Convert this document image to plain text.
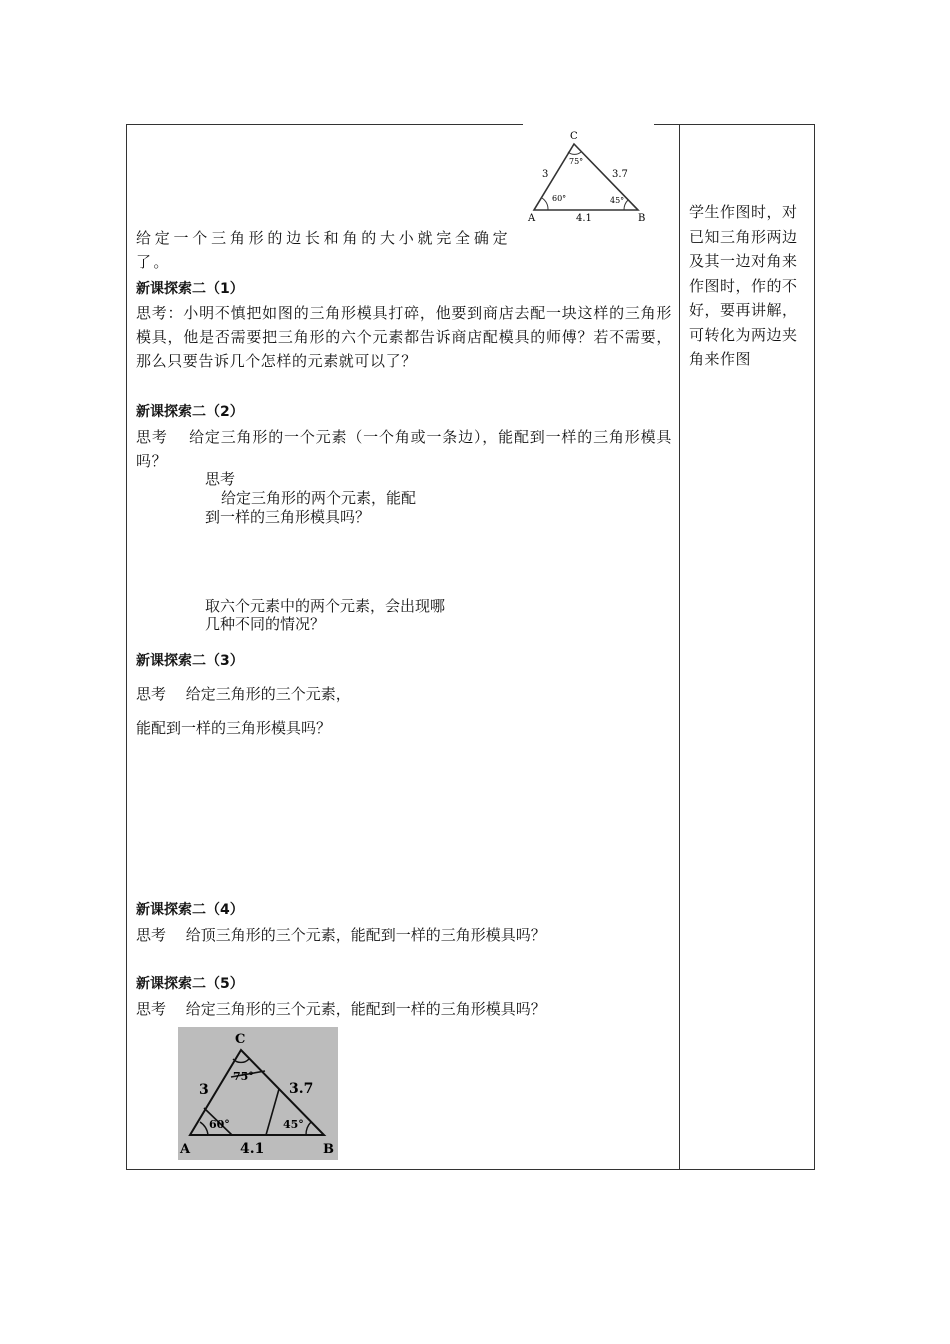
A	B
C
3	3.7
4.1
60°	45°
75°
给定一个三角形的边长和角的大小就完全确定了。
新课探索二（1）
思考：小明不慎把如图的三角形模具打碎，他要到商店去配一块这样的三角形模具，他是否需要把三角形的六个元素都告诉商店配模具的师傅？若不需要，那么只要告诉几个怎样的元素就可以了？
新课探索二（2）
思考　 给定三角形的一个元素（一个角或一条边），能配到一样的三角形模具吗？
思考
给定三角形的两个元素，能配
到一样的三角形模具吗？
取六个元素中的两个元素，会出现哪
几种不同的情况？
新课探索二（3）
思考　 给定三角形的三个元素，
能配到一样的三角形模具吗？
新课探索二（4）
思考　 给顶三角形的三个元素，能配到一样的三角形模具吗？
新课探索二（5）
思考　 给定三角形的三个元素，能配到一样的三角形模具吗？
A	B
C
3	3.7
4.1
60°	45°
75°
学生作图时，对已知三角形两边及其一边对角来作图时，作的不好，要再讲解，可转化为两边夹角来作图
